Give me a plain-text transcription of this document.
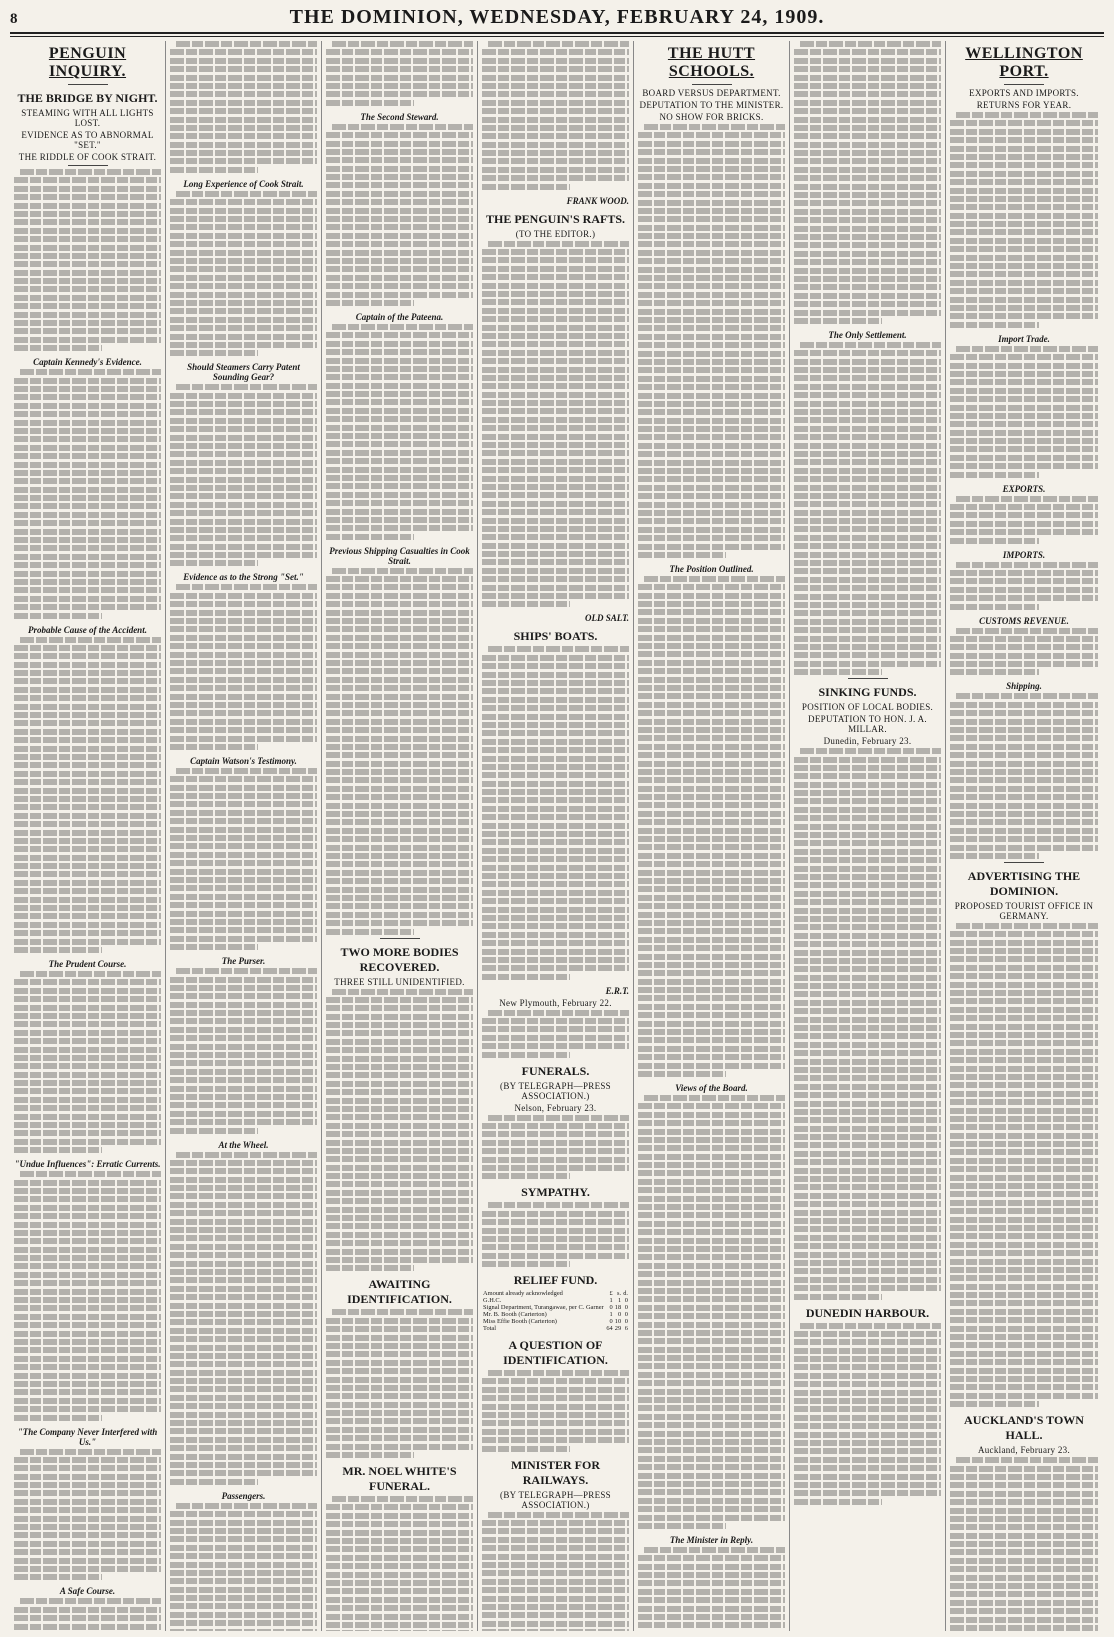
8	THE DOMINION, WEDNESDAY, FEBRUARY 24, 1909.
PENGUIN INQUIRY.
THE BRIDGE BY NIGHT.
STEAMING WITH ALL LIGHTS LOST.
EVIDENCE AS TO ABNORMAL "SET."
THE RIDDLE OF COOK STRAIT.
Captain Kennedy's Evidence.
Probable Cause of the Accident.
The Prudent Course.
"Undue Influences": Erratic Currents.
"The Company Never Interfered with Us."
A Safe Course.
Long Experience of Cook Strait.
Should Steamers Carry Patent Sounding Gear?
Evidence as to the Strong "Set."
Captain Watson's Testimony.
The Purser.
At the Wheel.
Passengers.
The Second Steward.
Captain of the Pateena.
Previous Shipping Casualties in Cook Strait.
TWO MORE BODIES RECOVERED.
THREE STILL UNIDENTIFIED.
AWAITING IDENTIFICATION.
MR. NOEL WHITE'S FUNERAL.
FRANK WOOD.
THE PENGUIN'S RAFTS.
(TO THE EDITOR.)
OLD SALT.
SHIPS' BOATS.
E.R.T.
New Plymouth, February 22.
FUNERALS.
(BY TELEGRAPH—PRESS ASSOCIATION.)
Nelson, February 23.
SYMPATHY.
RELIEF FUND.
Amount already acknowledged	£	s.	d.
G.H.C.	1	1	0
Signal Department, Turangawae, per C. Garner	0	18	0
Mr. B. Booth (Carterton)	1	0	0
Miss Effie Booth (Carterton)	0	10	0
Total	64	29	6
A QUESTION OF IDENTIFICATION.
MINISTER FOR RAILWAYS.
(BY TELEGRAPH—PRESS ASSOCIATION.)
THE HUTT SCHOOLS.
BOARD VERSUS DEPARTMENT.
DEPUTATION TO THE MINISTER.
NO SHOW FOR BRICKS.
The Position Outlined.
Views of the Board.
The Minister in Reply.
The Only Settlement.
SINKING FUNDS.
POSITION OF LOCAL BODIES.
DEPUTATION TO HON. J. A. MILLAR.
Dunedin, February 23.
DUNEDIN HARBOUR.
WELLINGTON PORT.
EXPORTS AND IMPORTS.
RETURNS FOR YEAR.
Import Trade.
EXPORTS.
IMPORTS.
CUSTOMS REVENUE.
Shipping.
ADVERTISING THE DOMINION.
PROPOSED TOURIST OFFICE IN GERMANY.
AUCKLAND'S TOWN HALL.
Auckland, February 23.
